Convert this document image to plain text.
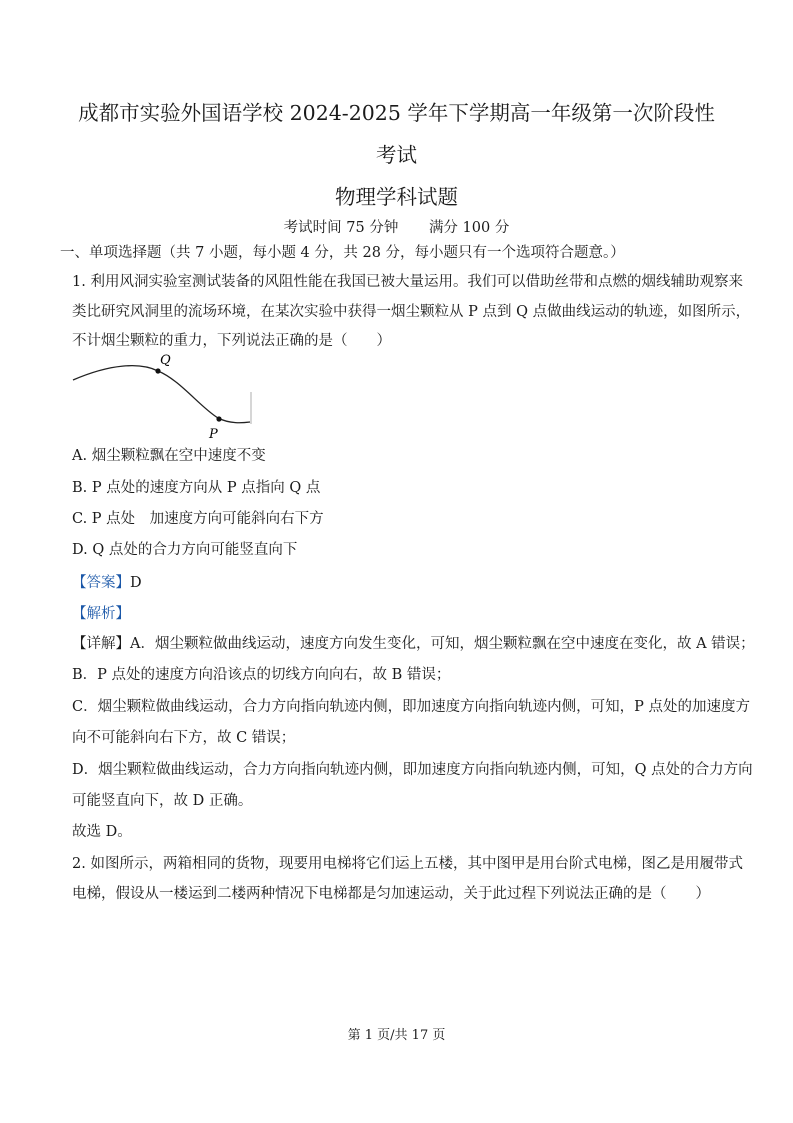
成都市实验外国语学校 2024-2025 学年下学期高一年级第一次阶段性
考试
物理学科试题
考试时间 75 分钟 满分 100 分
一、单项选择题（共 7 小题，每小题 4 分，共 28 分，每小题只有一个选项符合题意。）
1. 利用风洞实验室测试装备的风阻性能在我国已被大量运用。我们可以借助丝带和点燃的烟线辅助观察来
类比研究风洞里的流场环境，在某次实验中获得一烟尘颗粒从 P 点到 Q 点做曲线运动的轨迹，如图所示，
不计烟尘颗粒的重力，下列说法正确的是（　　）
Q
P
A. 烟尘颗粒飘在空中速度不变
B. P 点处的速度方向从 P 点指向 Q 点
C. P 点处　加速度方向可能斜向右下方
D. Q 点处的合力方向可能竖直向下
【答案】D
【解析】
【详解】A．烟尘颗粒做曲线运动，速度方向发生变化，可知，烟尘颗粒飘在空中速度在变化，故 A 错误；
B．P 点处的速度方向沿该点的切线方向向右，故 B 错误；
C．烟尘颗粒做曲线运动，合力方向指向轨迹内侧，即加速度方向指向轨迹内侧，可知，P 点处的加速度方
向不可能斜向右下方，故 C 错误；
D．烟尘颗粒做曲线运动，合力方向指向轨迹内侧，即加速度方向指向轨迹内侧，可知，Q 点处的合力方向
可能竖直向下，故 D 正确。
故选 D。
2. 如图所示，两箱相同的货物，现要用电梯将它们运上五楼，其中图甲是用台阶式电梯，图乙是用履带式
电梯，假设从一楼运到二楼两种情况下电梯都是匀加速运动，关于此过程下列说法正确的是（　　）
第 1 页/共 17 页
